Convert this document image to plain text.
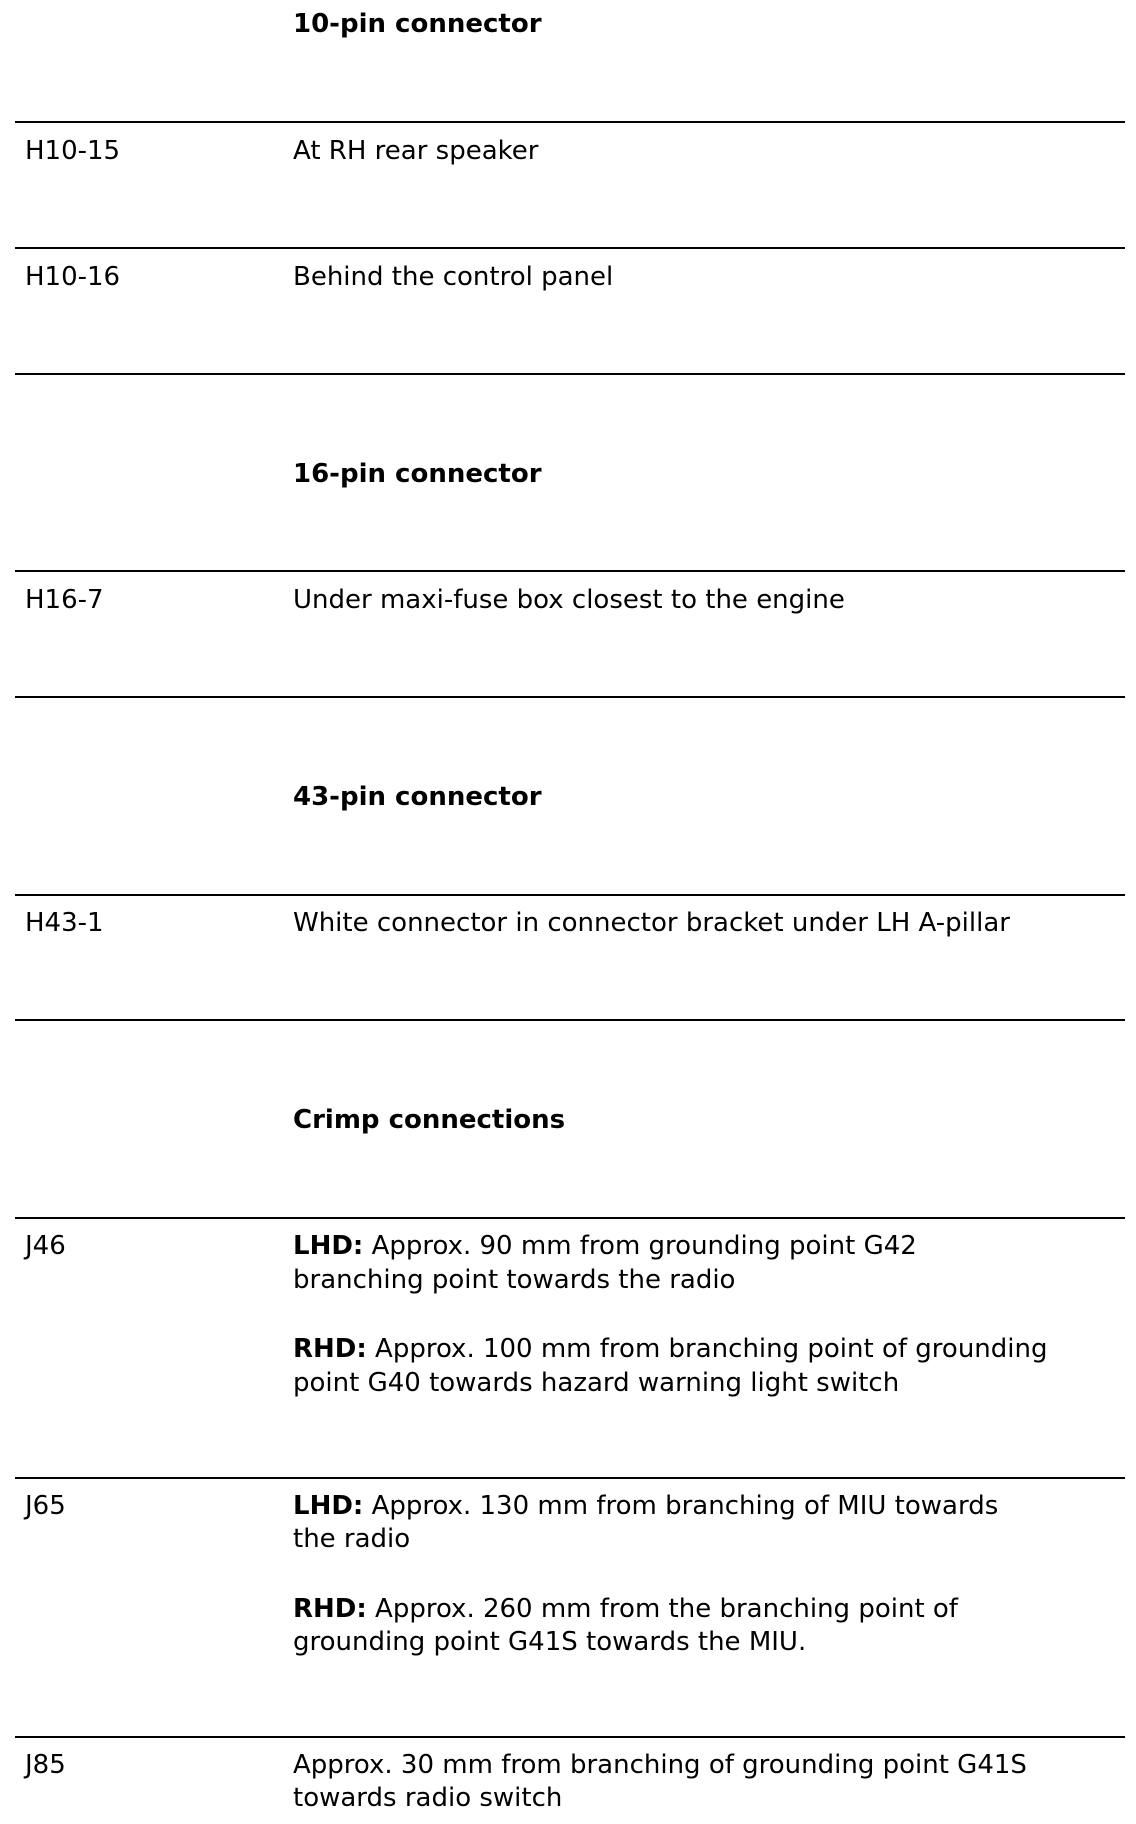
10-pin connector
H10-15	At RH rear speaker
H10-16	Behind the control panel
16-pin connector
H16-7	Under maxi-fuse box closest to the engine
43-pin connector
H43-1	White connector in connector bracket under LH A-pillar
Crimp connections
J46	LHD: Approx. 90 mm from grounding point G42
branching point towards the radio
RHD: Approx. 100 mm from branching point of grounding
point G40 towards hazard warning light switch
J65	LHD: Approx. 130 mm from branching of MIU towards
the radio
RHD: Approx. 260 mm from the branching point of
grounding point G41S towards the MIU.
J85	Approx. 30 mm from branching of grounding point G41S
towards radio switch
